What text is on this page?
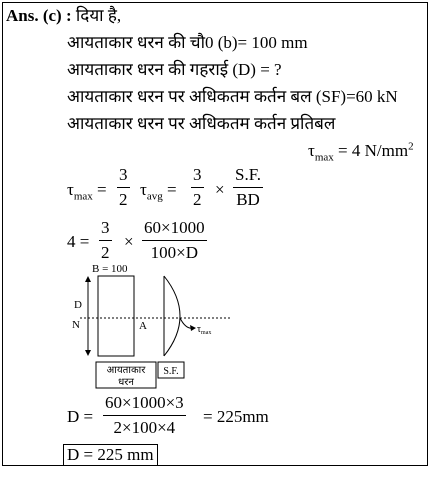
Ans. (c) : दिया है,
आयताकार धरन की चौ0 (b)= 100 mm
आयताकार धरन की गहराई (D) = ?
आयताकार धरन पर अधिकतम कर्तन बल (SF)=60 kN
आयताकार धरन पर अधिकतम कर्तन प्रतिबल
$\tau_{max} = 4$ $N/mm^2$
$\tau_{max} = \frac{3}{2} \tau_{avg} = \frac{3}{2} \times \frac{S.F.}{BD}$
$4 = \frac{3}{2} \times \frac{60\times 1000}{100\times D}$
B = 100
D
N	A	$\tau_{max}$
आयताकार
धरन
S.F.
$D = \frac{60\times 1000\times 3}{2\times 100\times 4} = 225mm$
D = 225 mm
